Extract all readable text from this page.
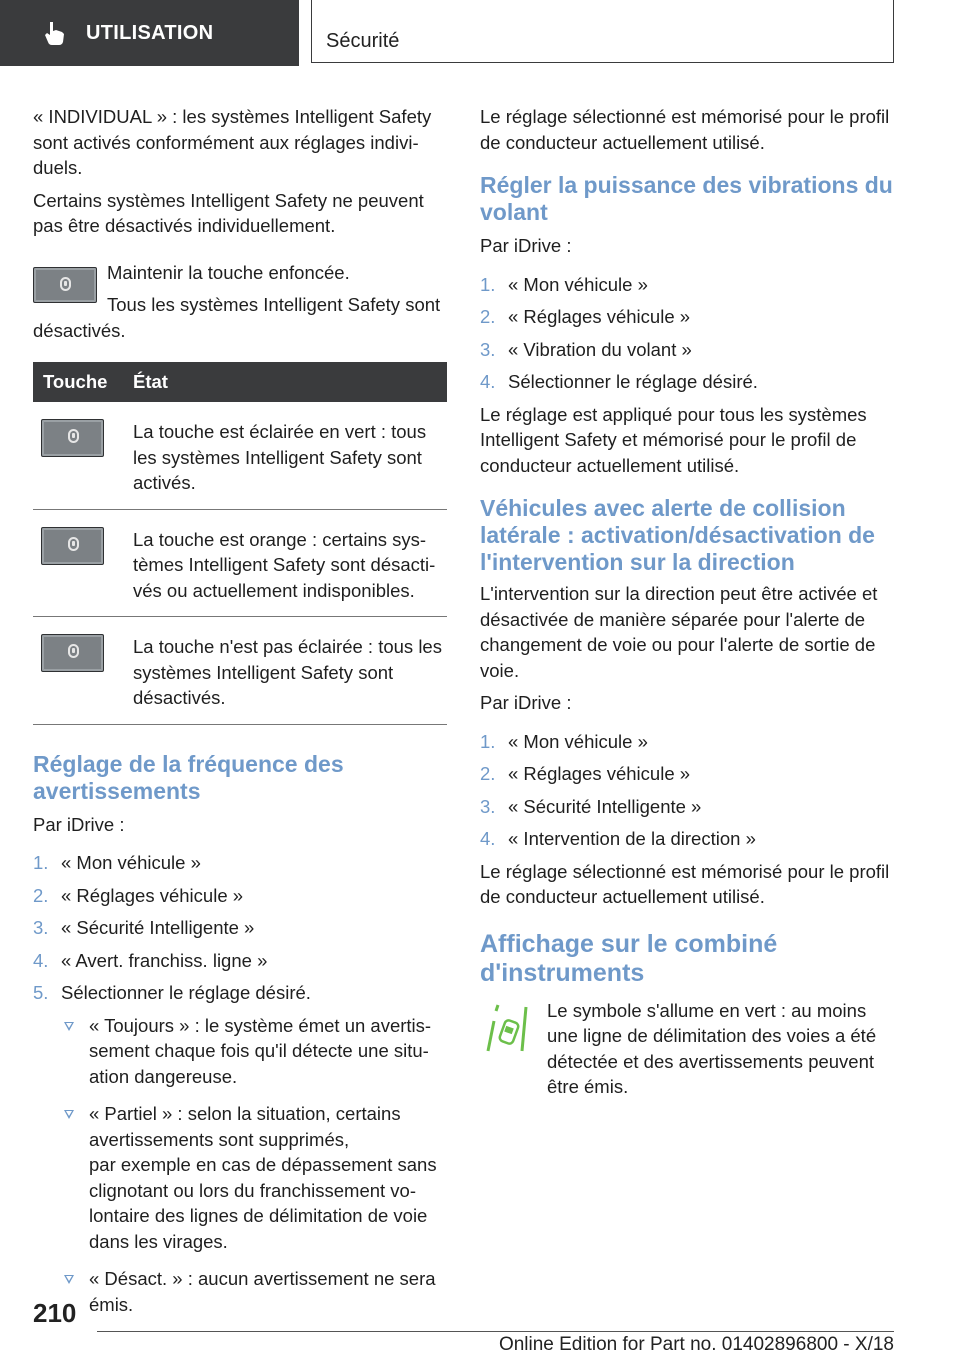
UTILISATION	Sécurité

« INDIVIDUAL » : les systèmes Intelligent Safety sont activés conformément aux réglages individuels.

Certains systèmes Intelligent Safety ne peuvent pas être désactivés individuellement.

Maintenir la touche enfoncée.
Tous les systèmes Intelligent Safety sont désactivés.
Touche	État

	La touche est éclairée en vert : tous les systèmes Intelligent Safety sont activés.

	La touche est orange : certains systèmes Intelligent Safety sont désactivés ou actuellement indisponibles.

	La touche n'est pas éclairée : tous les systèmes Intelligent Safety sont désactivés.
Réglage de la fréquence des avertissements

Par iDrive :

1. « Mon véhicule »
2. « Réglages véhicule »
3. « Sécurité Intelligente »
4. « Avert. franchiss. ligne »
5. Sélectionner le réglage désiré.
« Toujours » : le système émet un avertissement chaque fois qu'il détecte une situation dangereuse.
« Partiel » : selon la situation, certains avertissements sont supprimés,
par exemple en cas de dépassement sans clignotant ou lors du franchissement volontaire des lignes de délimitation de voie dans les virages.
« Désact. » : aucun avertissement ne sera émis.

Le réglage sélectionné est mémorisé pour le profil de conducteur actuellement utilisé.

Régler la puissance des vibrations du volant

Par iDrive :

1. « Mon véhicule »
2. « Réglages véhicule »
3. « Vibration du volant »
4. Sélectionner le réglage désiré.

Le réglage est appliqué pour tous les systèmes Intelligent Safety et mémorisé pour le profil de conducteur actuellement utilisé.

Véhicules avec alerte de collision latérale : activation/désactivation de l'intervention sur la direction

L'intervention sur la direction peut être activée et désactivée de manière séparée pour l'alerte de changement de voie ou pour l'alerte de sortie de voie.

Par iDrive :

1. « Mon véhicule »
2. « Réglages véhicule »
3. « Sécurité Intelligente »
4. « Intervention de la direction »

Le réglage sélectionné est mémorisé pour le profil de conducteur actuellement utilisé.

Affichage sur le combiné d'instruments
Le symbole s'allume en vert : au moins une ligne de délimitation des voies a été détectée et des avertissements peuvent être émis.
210
Online Edition for Part no. 01402896800 - X/18
